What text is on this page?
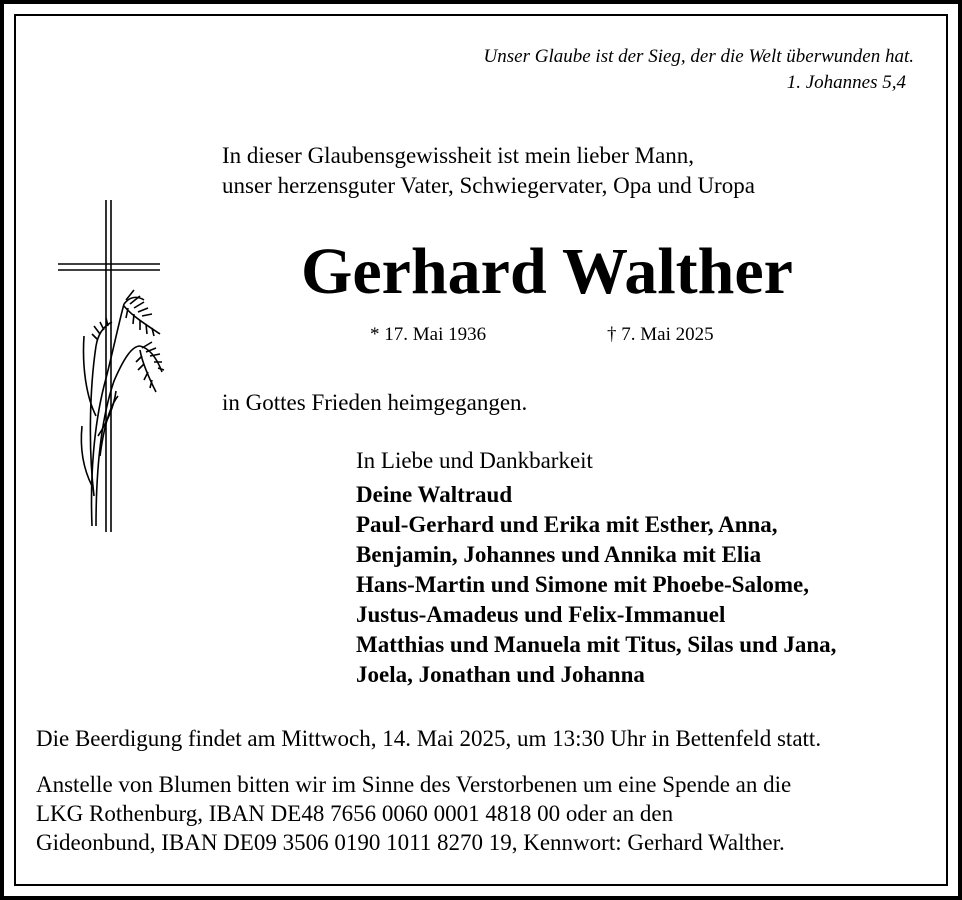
Unser Glaube ist der Sieg, der die Welt überwunden hat.
1. Johannes 5,4
In dieser Glaubensgewissheit ist mein lieber Mann,
unser herzensguter Vater, Schwiegervater, Opa und Uropa
Gerhard Walther
* 17. Mai 1936	† 7. Mai 2025
in Gottes Frieden heimgegangen.
In Liebe und Dankbarkeit
Deine Waltraud
Paul-Gerhard und Erika mit Esther, Anna,
Benjamin, Johannes und Annika mit Elia
Hans-Martin und Simone mit Phoebe-Salome,
Justus-Amadeus und Felix-Immanuel
Matthias und Manuela mit Titus, Silas und Jana,
Joela, Jonathan und Johanna
Die Beerdigung findet am Mittwoch, 14. Mai 2025, um 13:30 Uhr in Bettenfeld statt.
Anstelle von Blumen bitten wir im Sinne des Verstorbenen um eine Spende an die
LKG Rothenburg, IBAN DE48 7656 0060 0001 4818 00 oder an den
Gideonbund, IBAN DE09 3506 0190 1011 8270 19, Kennwort: Gerhard Walther.
